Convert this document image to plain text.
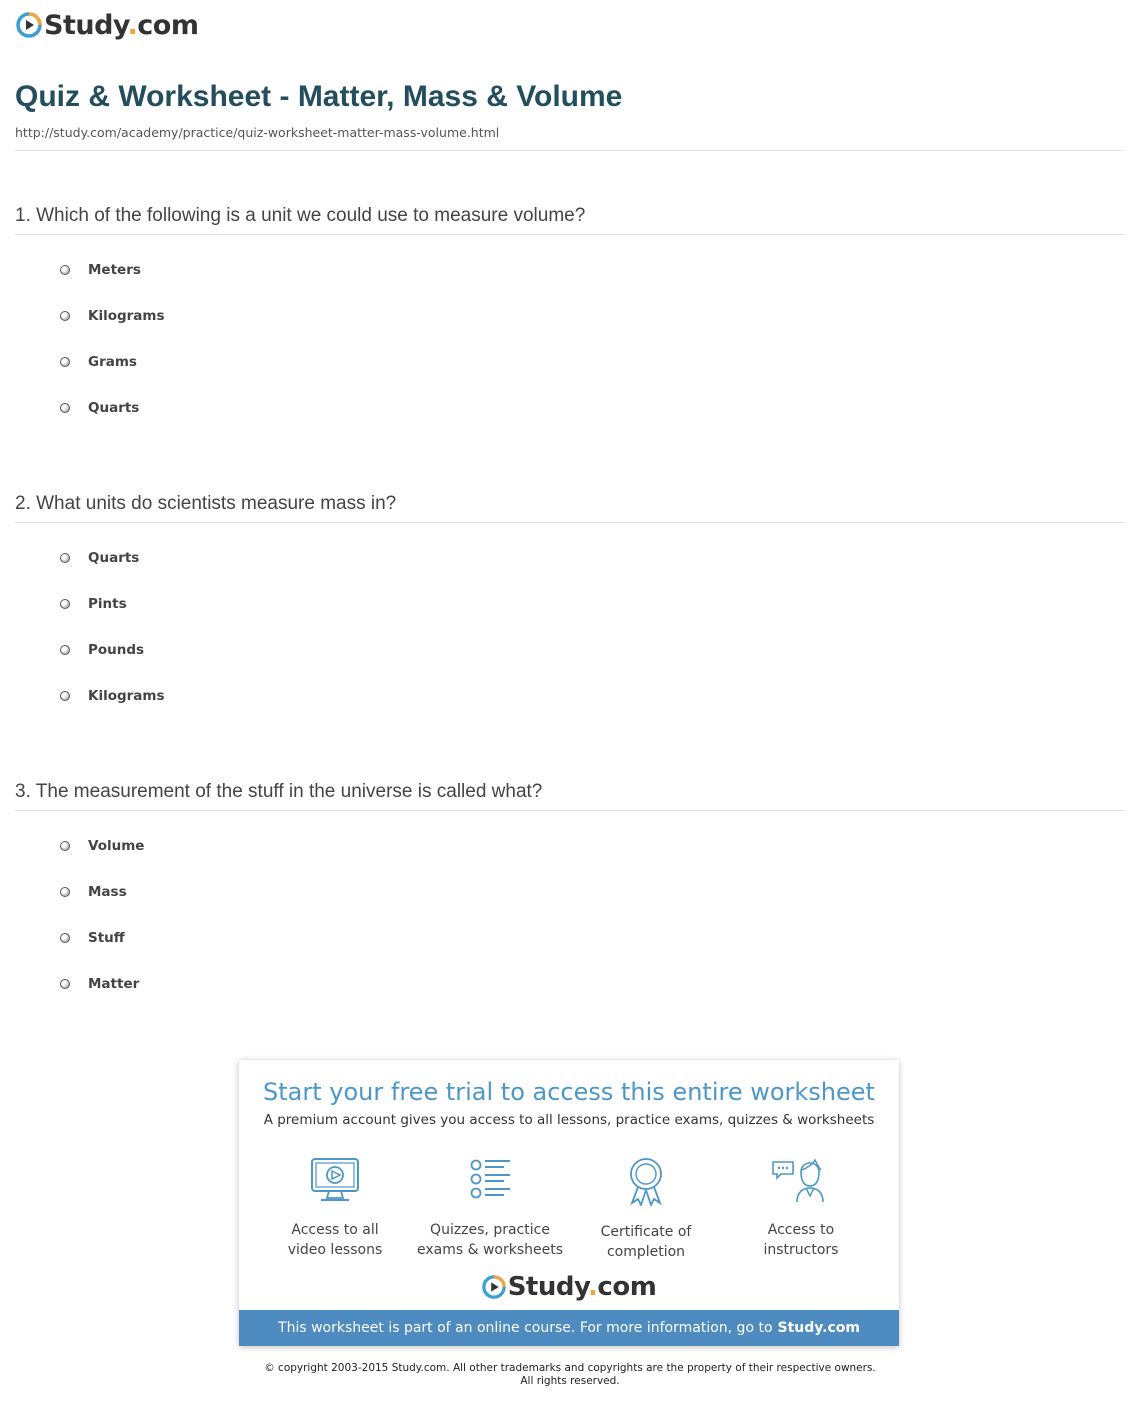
Study.com
Quiz & Worksheet - Matter, Mass & Volume
http://study.com/academy/practice/quiz-worksheet-matter-mass-volume.html
1. Which of the following is a unit we could use to measure volume?
Meters
Kilograms
Grams
Quarts
2. What units do scientists measure mass in?
Quarts
Pints
Pounds
Kilograms
3. The measurement of the stuff in the universe is called what?
Volume
Mass
Stuff
Matter
Start your free trial to access this entire worksheet
A premium account gives you access to all lessons, practice exams, quizzes & worksheets
Access to all
video lessons
Quizzes, practice
exams & worksheets
Certificate of
completion
Access to
instructors
Study.com
This worksheet is part of an online course. For more information, go to Study.com
© copyright 2003-2015 Study.com. All other trademarks and copyrights are the property of their respective owners.
All rights reserved.
